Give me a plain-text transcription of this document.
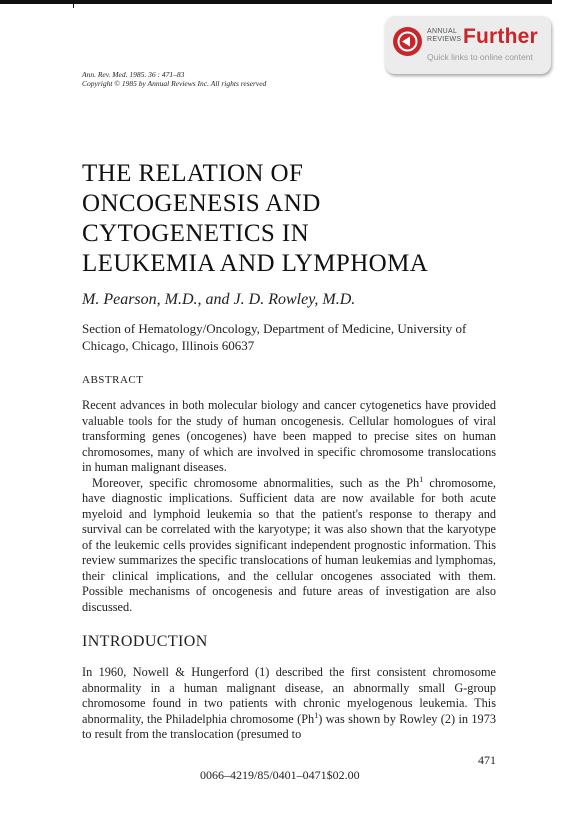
ANNUAL
REVIEWS Further
Quick links to online content
Ann. Rev. Med. 1985. 36 : 471–83
Copyright © 1985 by Annual Reviews Inc. All rights reserved
THE RELATION OF
ONCOGENESIS AND
CYTOGENETICS IN
LEUKEMIA AND LYMPHOMA
M. Pearson, M.D., and J. D. Rowley, M.D.
Section of Hematology/Oncology, Department of Medicine, University of Chicago, Chicago, Illinois 60637
ABSTRACT

Recent advances in both molecular biology and cancer cytogenetics have provided valuable tools for the study of human oncogenesis. Cellular homologues of viral transforming genes (oncogenes) have been mapped to precise sites on human chromosomes, many of which are involved in specific chromosome translocations in human malignant diseases.

Moreover, specific chromosome abnormalities, such as the Ph$^1$ chromosome, have diagnostic implications. Sufficient data are now available for both acute myeloid and lymphoid leukemia so that the patient's response to therapy and survival can be correlated with the karyotype; it was also shown that the karyotype of the leukemic cells provides significant independent prognostic information. This review summarizes the specific translocations of human leukemias and lymphomas, their clinical implications, and the cellular oncogenes associated with them. Possible mechanisms of oncogenesis and future areas of investigation are also discussed.

INTRODUCTION

In 1960, Nowell & Hungerford (1) described the first consistent chromosome abnormality in a human malignant disease, an abnormally small G-group chromosome found in two patients with chronic myelogenous leukemia. This abnormality, the Philadelphia chromosome (Ph$^1$) was shown by Rowley (2) in 1973 to result from the translocation (presumed to

471
0066–4219/85/0401–0471$02.00
